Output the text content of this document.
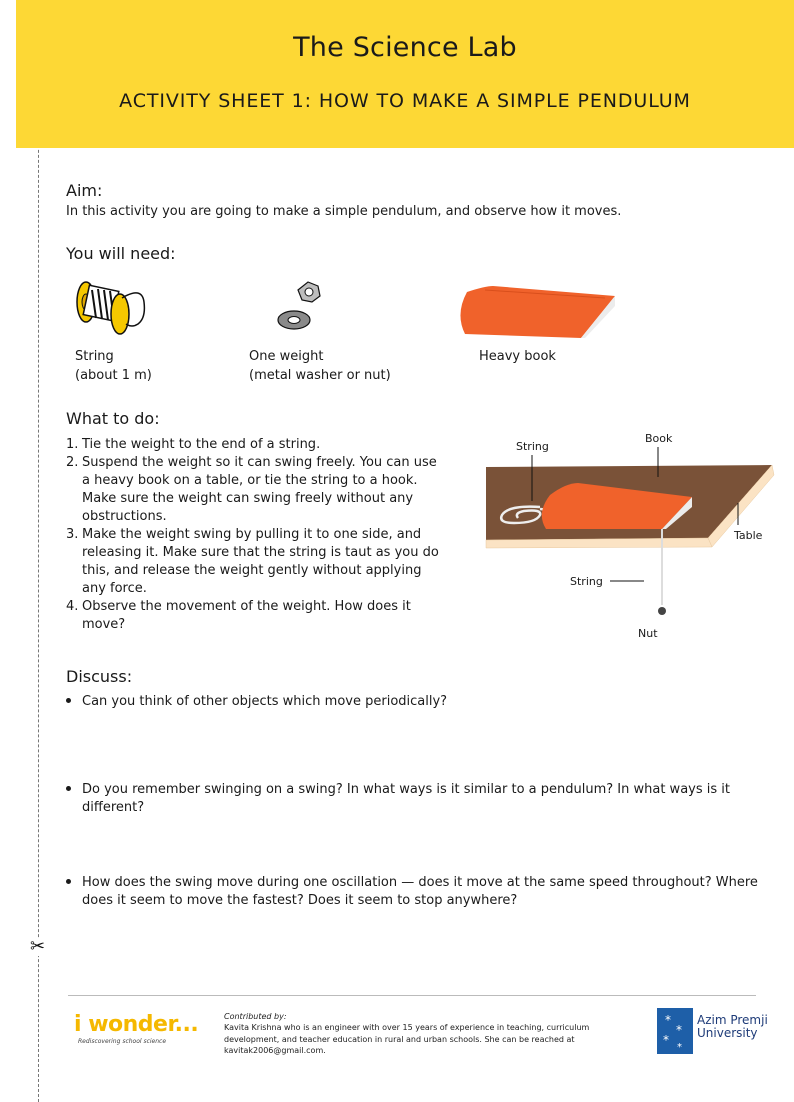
✂
The Science Lab
ACTIVITY SHEET 1: HOW TO MAKE A SIMPLE PENDULUM
Aim:
In this activity you are going to make a simple pendulum, and observe how it moves.
You will need:
String
(about 1 m)
One weight
(metal washer or nut)
Heavy book
What to do:
1. Tie the weight to the end of a string.
2. Suspend the weight so it can swing freely. You can use a heavy book on a table, or tie the string to a hook. Make sure the weight can swing freely without any obstructions.
3. Make the weight swing by pulling it to one side, and releasing it. Make sure that the string is taut as you do this, and release the weight gently without applying any force.
4. Observe the movement of the weight. How does it move?
String
Book
Table
String
Nut
Discuss:
Can you think of other objects which move periodically?
Do you remember swinging on a swing? In what ways is it similar to a pendulum? In what ways is it different?
How does the swing move during one oscillation — does it move at the same speed throughout? Where does it seem to move the fastest? Does it seem to stop anywhere?
i wonder...
Rediscovering school science
Contributed by:
Kavita Krishna who is an engineer with over 15 years of experience in teaching, curriculum development, and teacher education in rural and urban schools. She can be reached at kavitak2006@gmail.com.
*
*
*
*
Azim Premji
University
